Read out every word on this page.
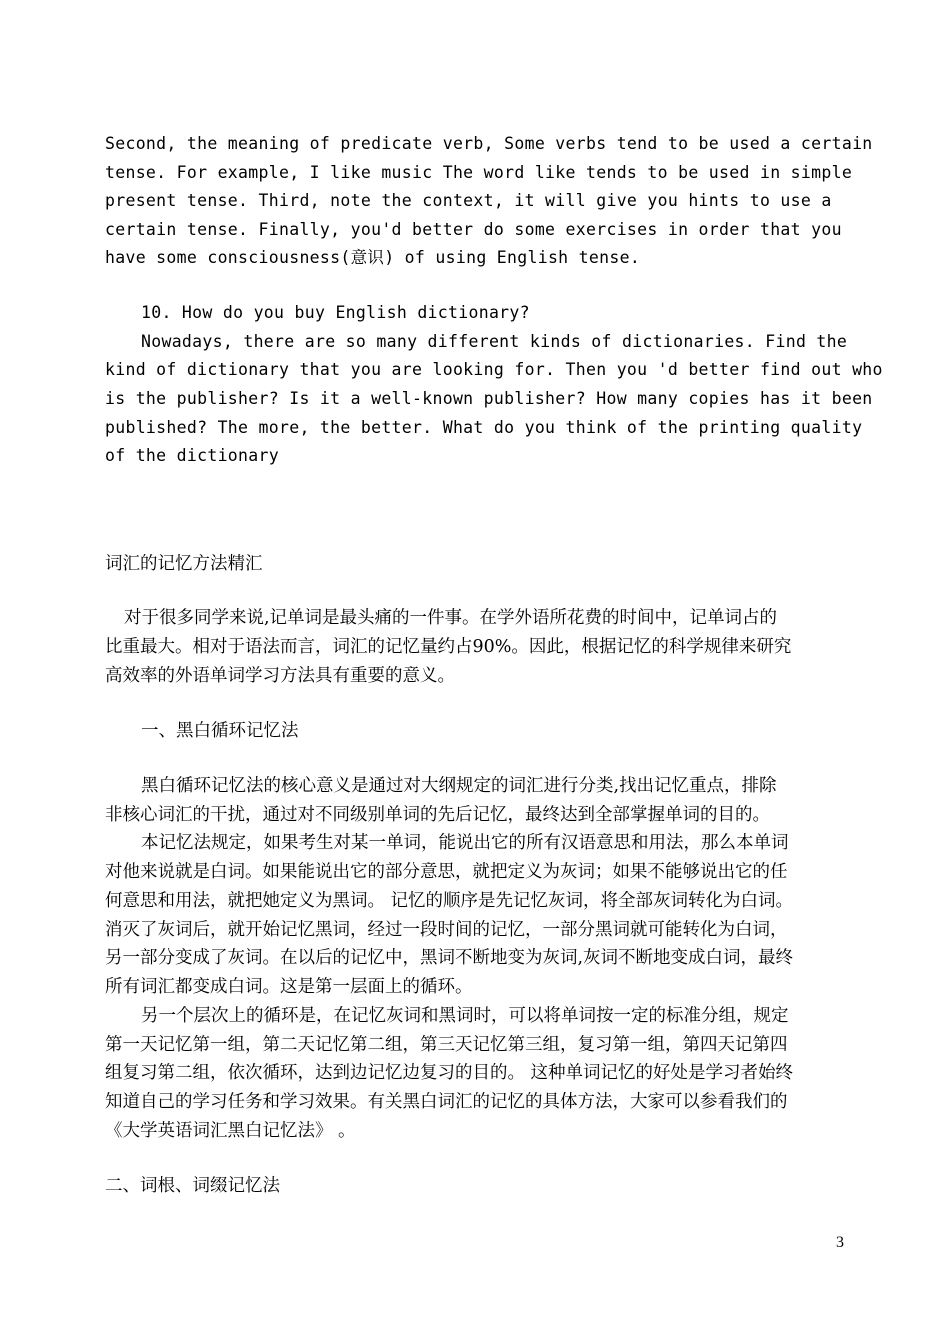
Second, the meaning of predicate verb, Some verbs tend to be used a certain
tense. For example, I like music The word like tends to be used in simple
present tense. Third, note the context, it will give you hints to use a
certain tense. Finally, you'd better do some exercises in order that you
have some consciousness(意识) of using English tense.
10. How do you buy English dictionary?
Nowadays, there are so many different kinds of dictionaries. Find the
kind of dictionary that you are looking for. Then you 'd better find out who
is the publisher? Is it a well-known publisher? How many copies has it been
published? The more, the better. What do you think of the printing quality
of the dictionary
词汇的记忆方法精汇
对于很多同学来说,记单词是最头痛的一件事。在学外语所花费的时间中，记单词占的
比重最大。相对于语法而言，词汇的记忆量约占90%。因此，根据记忆的科学规律来研究
高效率的外语单词学习方法具有重要的意义。
一、黑白循环记忆法
黑白循环记忆法的核心意义是通过对大纲规定的词汇进行分类,找出记忆重点，排除
非核心词汇的干扰，通过对不同级别单词的先后记忆，最终达到全部掌握单词的目的。
本记忆法规定，如果考生对某一单词，能说出它的所有汉语意思和用法，那么本单词
对他来说就是白词。如果能说出它的部分意思，就把定义为灰词；如果不能够说出它的任
何意思和用法，就把她定义为黑词。 记忆的顺序是先记忆灰词，将全部灰词转化为白词。
消灭了灰词后，就开始记忆黑词，经过一段时间的记忆，一部分黑词就可能转化为白词，
另一部分变成了灰词。在以后的记忆中，黑词不断地变为灰词,灰词不断地变成白词，最终
所有词汇都变成白词。这是第一层面上的循环。
另一个层次上的循环是，在记忆灰词和黑词时，可以将单词按一定的标准分组，规定
第一天记忆第一组，第二天记忆第二组，第三天记忆第三组，复习第一组，第四天记第四
组复习第二组，依次循环，达到边记忆边复习的目的。 这种单词记忆的好处是学习者始终
知道自己的学习任务和学习效果。有关黑白词汇的记忆的具体方法，大家可以参看我们的
《大学英语词汇黑白记忆法》 。
二、词根、词缀记忆法
3
